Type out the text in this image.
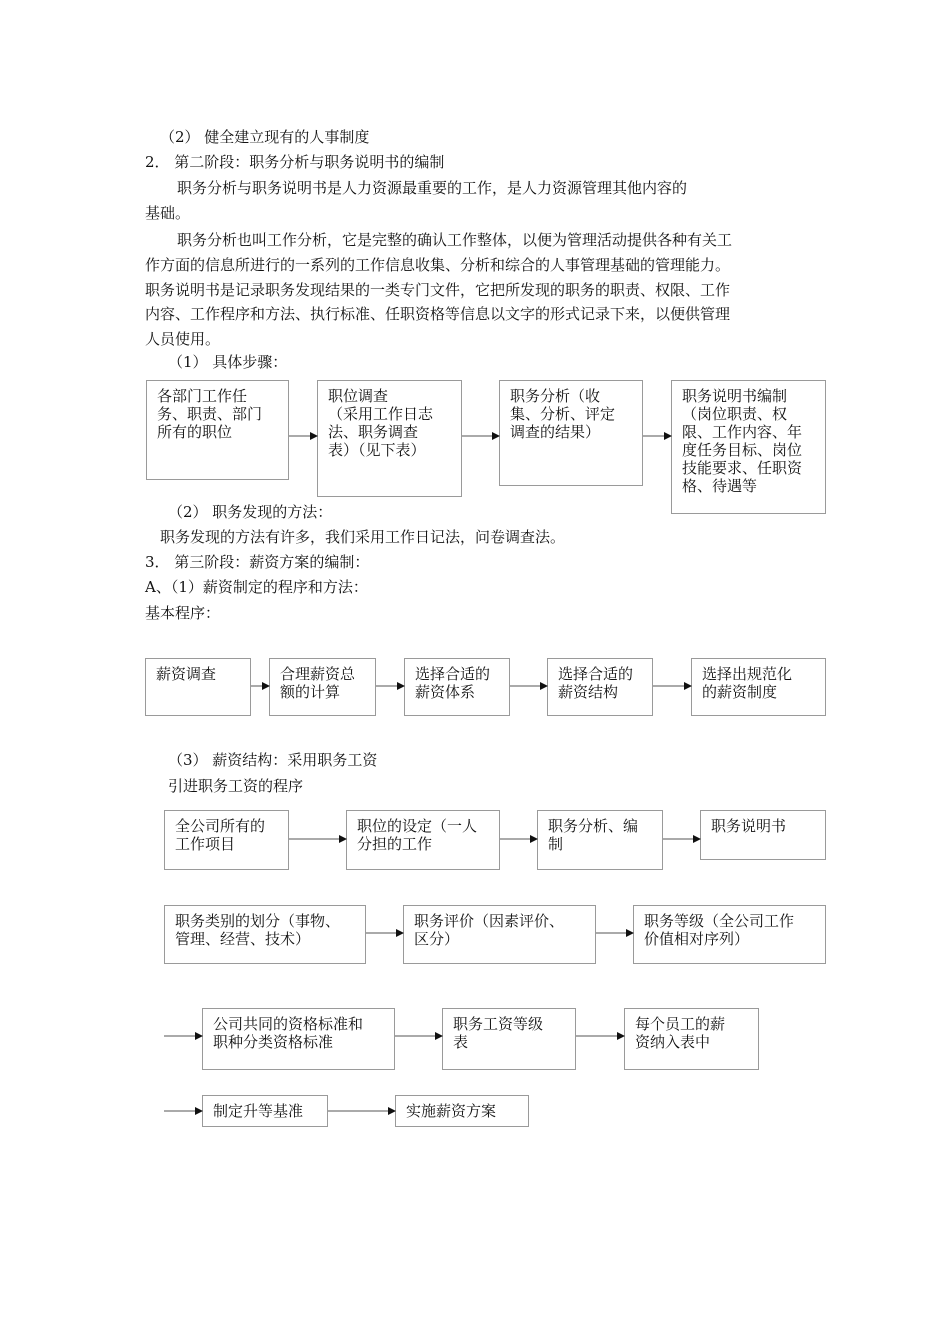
（2） 健全建立现有的人事制度
2． 第二阶段：职务分析与职务说明书的编制
职务分析与职务说明书是人力资源最重要的工作，是人力资源管理其他内容的
基础。
职务分析也叫工作分析，它是完整的确认工作整体，以便为管理活动提供各种有关工
作方面的信息所进行的一系列的工作信息收集、分析和综合的人事管理基础的管理能力。
职务说明书是记录职务发现结果的一类专门文件，它把所发现的职务的职责、权限、工作
内容、工作程序和方法、执行标准、任职资格等信息以文字的形式记录下来，以便供管理
人员使用。
（1） 具体步骤：
各部门工作任
务、职责、部门
所有的职位
职位调查
（采用工作日志
法、职务调查
表）（见下表）
职务分析（收
集、分析、评定
调查的结果）
职务说明书编制
（岗位职责、权
限、工作内容、年
度任务目标、岗位
技能要求、任职资
格、待遇等
（2） 职务发现的方法：
职务发现的方法有许多，我们采用工作日记法，问卷调查法。
3． 第三阶段：薪资方案的编制：
A、（1）薪资制定的程序和方法：
基本程序：
薪资调查	合理薪资总
额的计算
选择合适的
薪资体系
选择合适的
薪资结构
选择出规范化
的薪资制度
（3） 薪资结构：采用职务工资
引进职务工资的程序
全公司所有的
工作项目
职位的设定（一人
分担的工作
职务分析、编
制
职务说明书
职务类别的划分（事物、
管理、经营、技术）
职务评价（因素评价、
区分）
职务等级（全公司工作
价值相对序列）
公司共同的资格标准和
职种分类资格标准
职务工资等级
表
每个员工的薪
资纳入表中
制定升等基准	实施薪资方案
